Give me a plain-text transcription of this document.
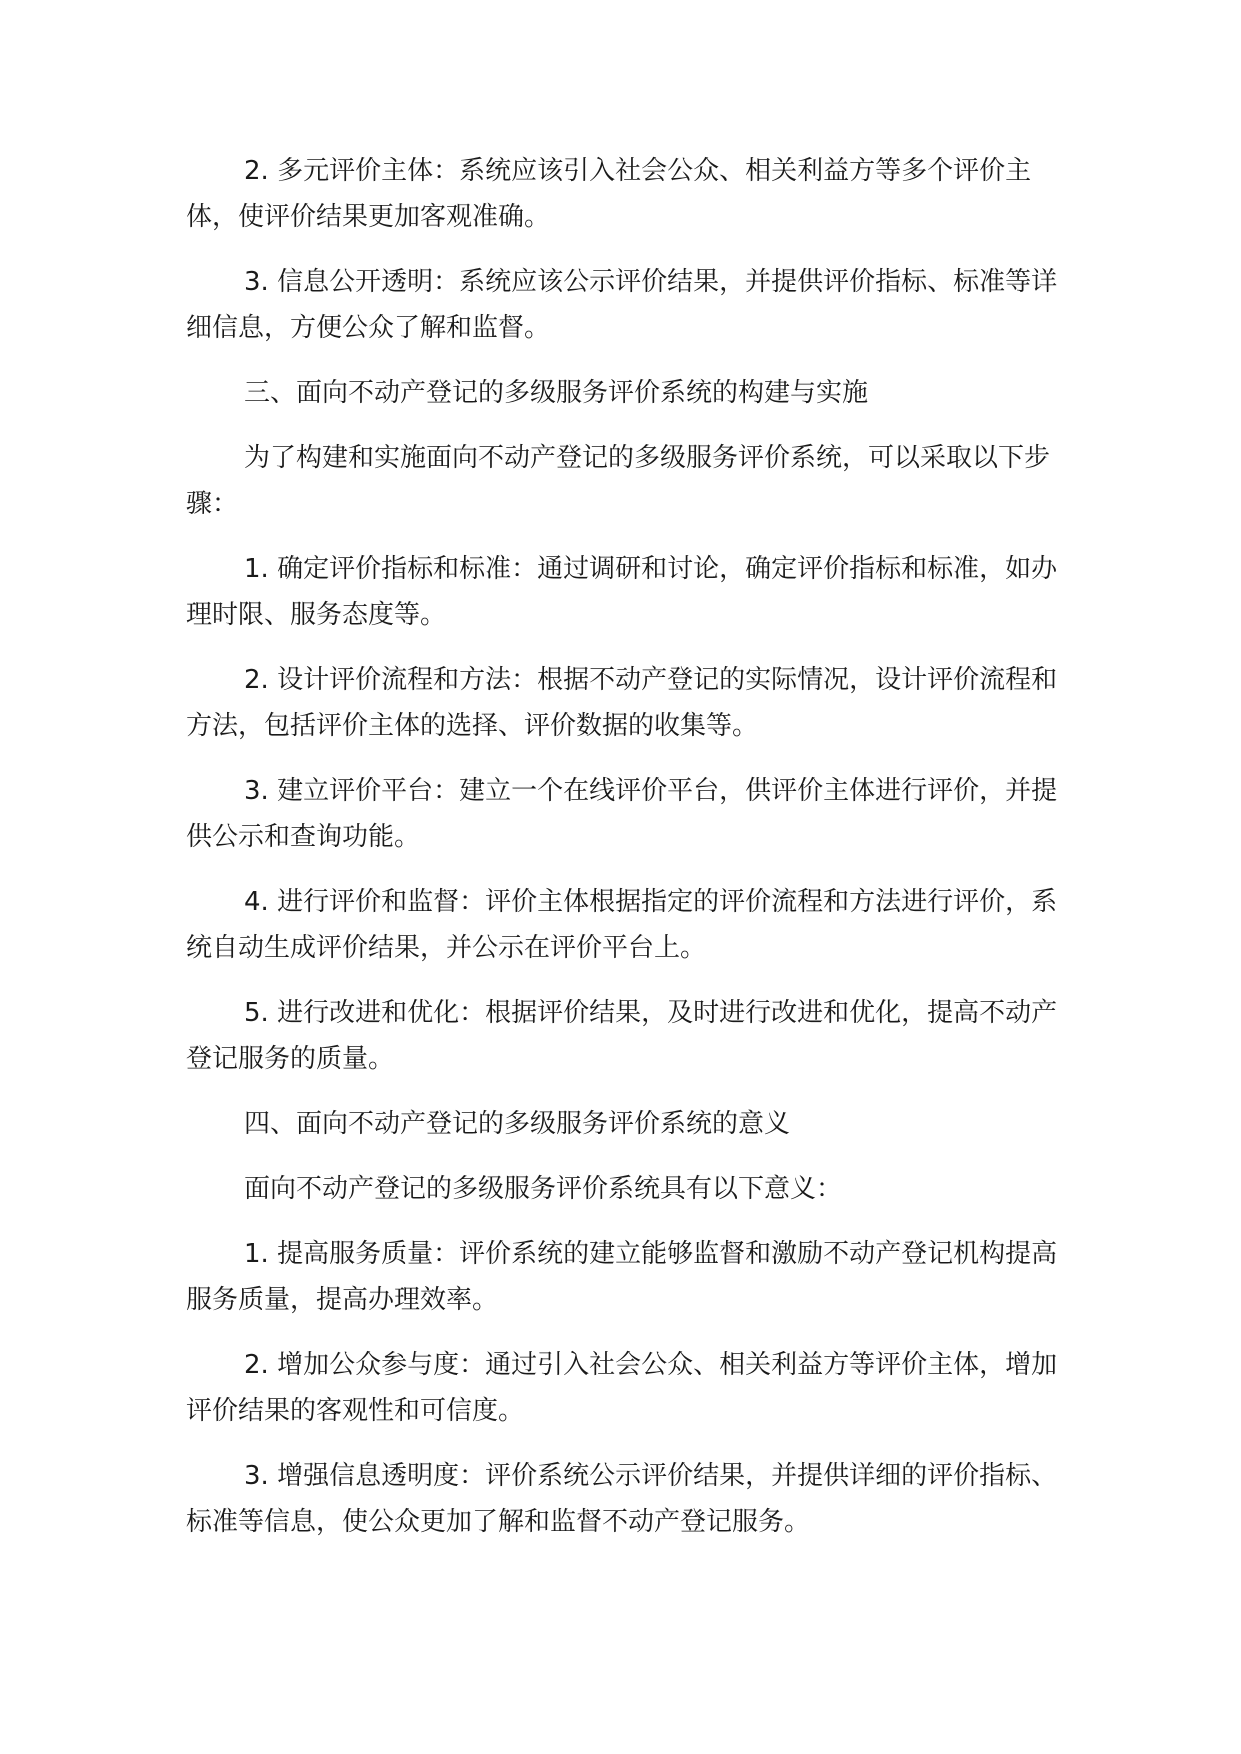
2. 多元评价主体：系统应该引入社会公众、相关利益方等多个评价主体，使评价结果更加客观准确。

3. 信息公开透明：系统应该公示评价结果，并提供评价指标、标准等详细信息，方便公众了解和监督。

三、面向不动产登记的多级服务评价系统的构建与实施

为了构建和实施面向不动产登记的多级服务评价系统，可以采取以下步骤：

1. 确定评价指标和标准：通过调研和讨论，确定评价指标和标准，如办理时限、服务态度等。

2. 设计评价流程和方法：根据不动产登记的实际情况，设计评价流程和方法，包括评价主体的选择、评价数据的收集等。

3. 建立评价平台：建立一个在线评价平台，供评价主体进行评价，并提供公示和查询功能。

4. 进行评价和监督：评价主体根据指定的评价流程和方法进行评价，系统自动生成评价结果，并公示在评价平台上。

5. 进行改进和优化：根据评价结果，及时进行改进和优化，提高不动产登记服务的质量。

四、面向不动产登记的多级服务评价系统的意义

面向不动产登记的多级服务评价系统具有以下意义：

1. 提高服务质量：评价系统的建立能够监督和激励不动产登记机构提高服务质量，提高办理效率。

2. 增加公众参与度：通过引入社会公众、相关利益方等评价主体，增加评价结果的客观性和可信度。

3. 增强信息透明度：评价系统公示评价结果，并提供详细的评价指标、标准等信息，使公众更加了解和监督不动产登记服务。
